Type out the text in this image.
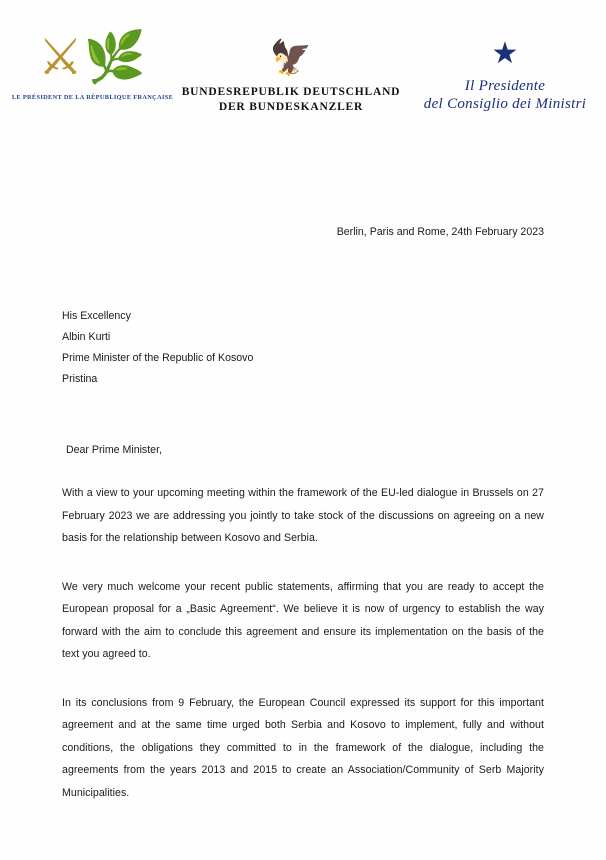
⚔🌿
LE PRÉSIDENT DE LA RÉPUBLIQUE FRANÇAISE
🦅
BUNDESREPUBLIK DEUTSCHLAND
DER BUNDESKANZLER
★
Il Presidente
del Consiglio dei Ministri
Berlin, Paris and Rome, 24th February 2023
His Excellency
Albin Kurti
Prime Minister of the Republic of Kosovo
Pristina
Dear Prime Minister,
With a view to your upcoming meeting within the framework of the EU-led dialogue in Brussels on 27 February 2023 we are addressing you jointly to take stock of the discussions on agreeing on a new basis for the relationship between Kosovo and Serbia.
We very much welcome your recent public statements, affirming that you are ready to accept the European proposal for a „Basic Agreement“. We believe it is now of urgency to establish the way forward with the aim to conclude this agreement and ensure its implementation on the basis of the text you agreed to.
In its conclusions from 9 February, the European Council expressed its support for this important agreement and at the same time urged both Serbia and Kosovo to implement, fully and without conditions, the obligations they committed to in the framework of the dialogue, including the agreements from the years 2013 and 2015 to create an Association/Community of Serb Majority Municipalities.
